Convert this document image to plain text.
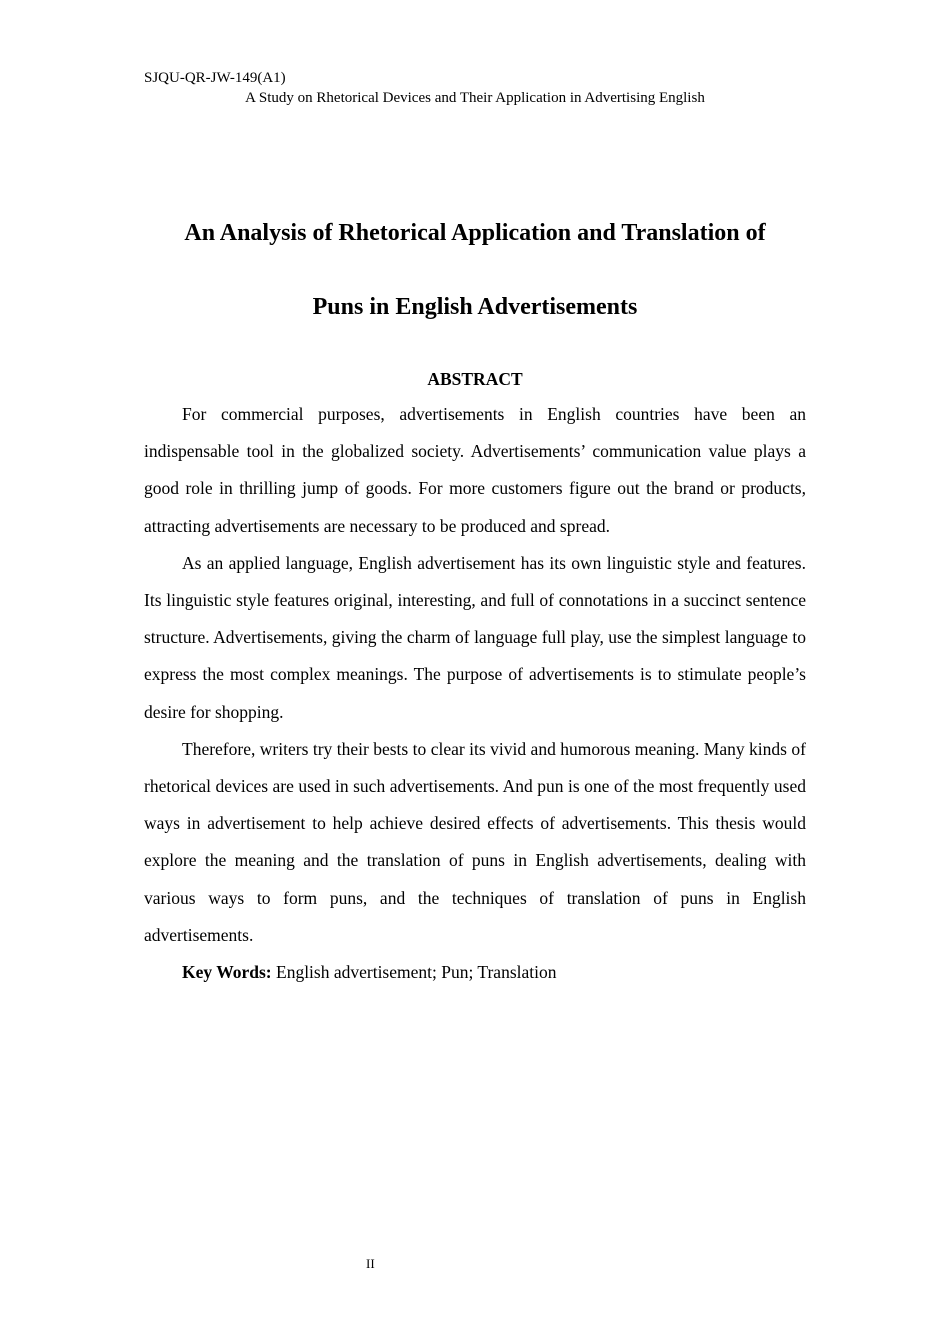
SJQU-QR-JW-149(A1)
A Study on Rhetorical Devices and Their Application in Advertising English
An Analysis of Rhetorical Application and Translation of
Puns in English Advertisements
ABSTRACT

For commercial purposes, advertisements in English countries have been an indispensable tool in the globalized society. Advertisements’ communication value plays a good role in thrilling jump of goods. For more customers figure out the brand or products, attracting advertisements are necessary to be produced and spread.

As an applied language, English advertisement has its own linguistic style and features. Its linguistic style features original, interesting, and full of connotations in a succinct sentence structure. Advertisements, giving the charm of language full play, use the simplest language to express the most complex meanings. The purpose of advertisements is to stimulate people’s desire for shopping.

Therefore, writers try their bests to clear its vivid and humorous meaning. Many kinds of rhetorical devices are used in such advertisements. And pun is one of the most frequently used ways in advertisement to help achieve desired effects of advertisements. This thesis would explore the meaning and the translation of puns in English advertisements, dealing with various ways to form puns, and the techniques of translation of puns in English advertisements.

Key Words: English advertisement; Pun; Translation

II
